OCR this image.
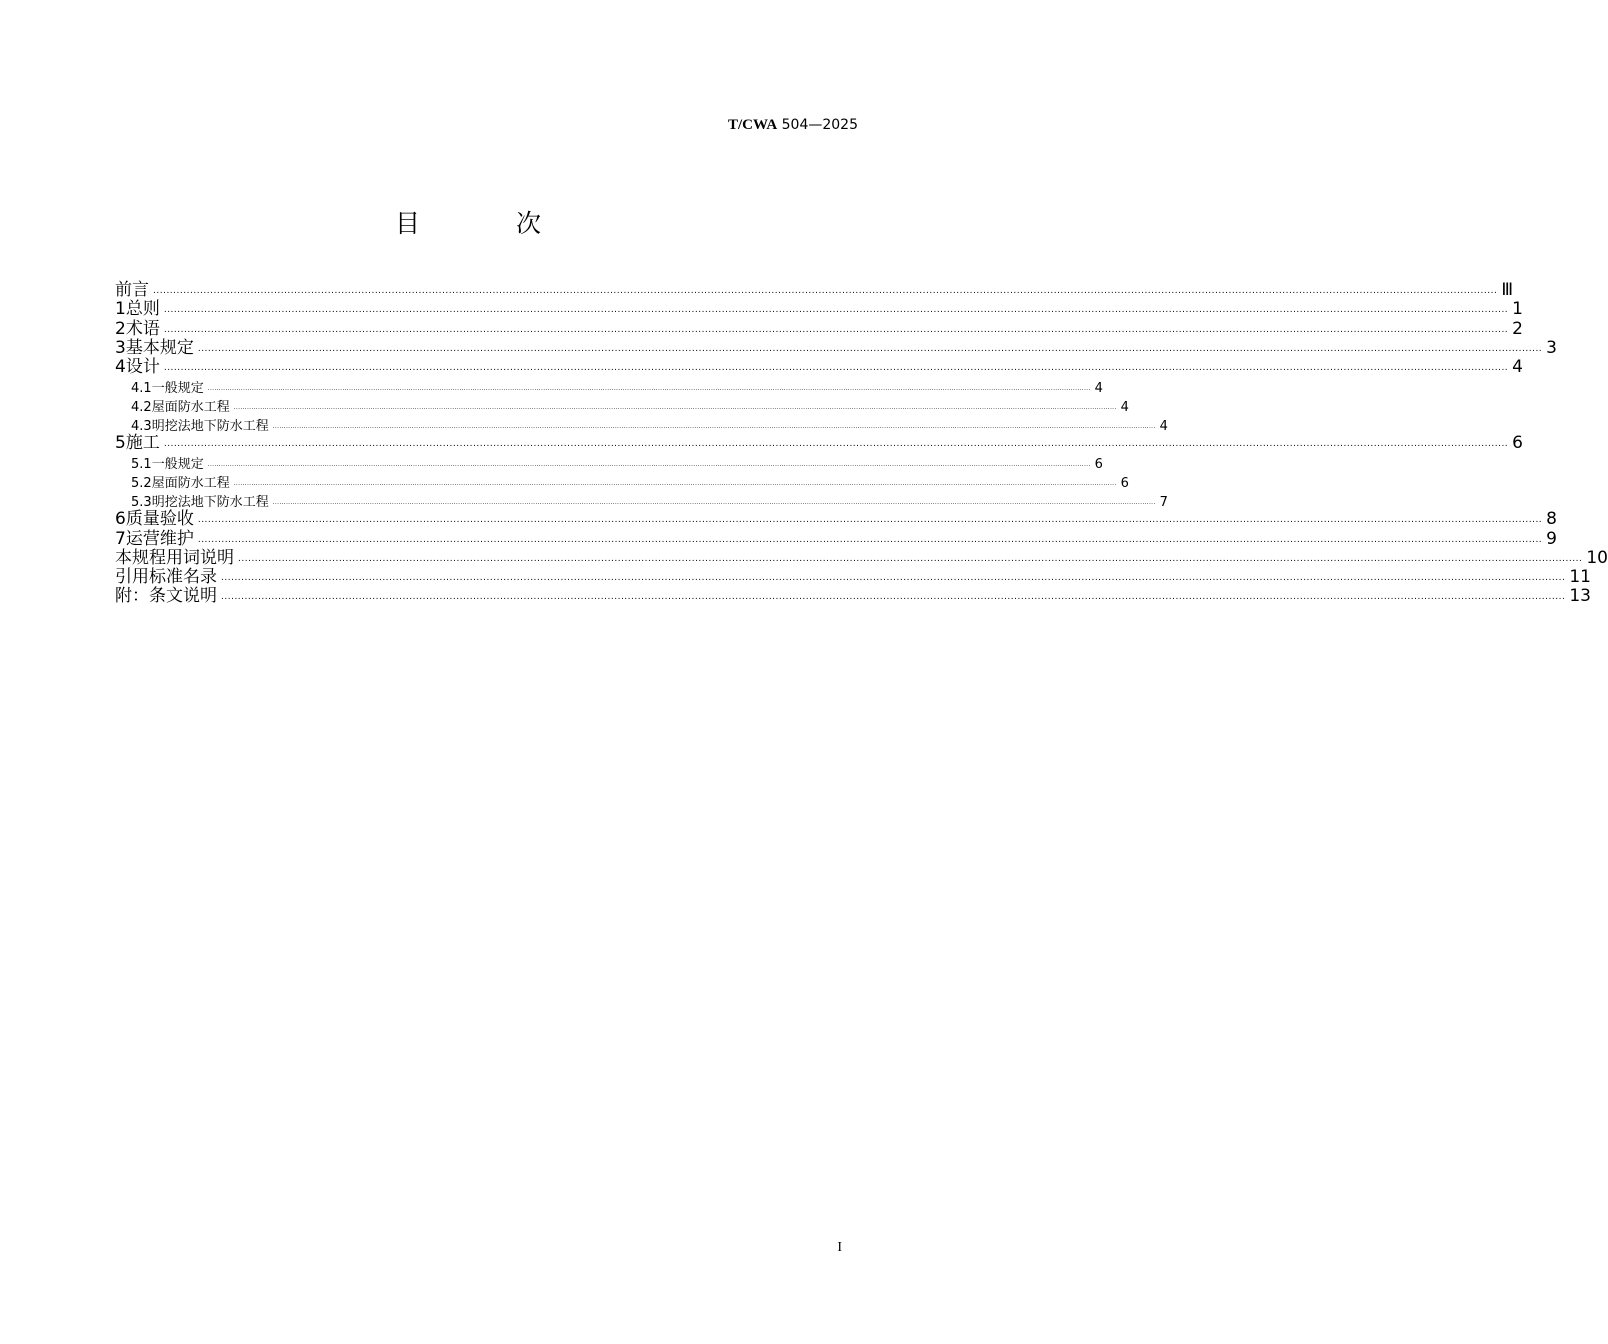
T/CWA 504—2025
目 次
前言 ................................................................................................................................................................................................................................................................................................................................................................................................................ Ⅲ
1 总则 ................................................................................................................................................................................................................................................................................................................................................................................................................ 1
2 术语 ................................................................................................................................................................................................................................................................................................................................................................................................................ 2
3 基本规定 ................................................................................................................................................................................................................................................................................................................................................................................................................ 3
4 设计 ................................................................................................................................................................................................................................................................................................................................................................................................................ 4
4.1 一般规定 ................................................................................................................................................................................................................................................................................................................................................................................................................ 4
4.2 屋面防水工程 ................................................................................................................................................................................................................................................................................................................................................................................................................ 4
4.3 明挖法地下防水工程 ................................................................................................................................................................................................................................................................................................................................................................................................................ 4
5 施工 ................................................................................................................................................................................................................................................................................................................................................................................................................ 6
5.1 一般规定 ................................................................................................................................................................................................................................................................................................................................................................................................................ 6
5.2 屋面防水工程 ................................................................................................................................................................................................................................................................................................................................................................................................................ 6
5.3 明挖法地下防水工程 ................................................................................................................................................................................................................................................................................................................................................................................................................ 7
6 质量验收 ................................................................................................................................................................................................................................................................................................................................................................................................................ 8
7 运营维护 ................................................................................................................................................................................................................................................................................................................................................................................................................ 9
本规程用词说明 ................................................................................................................................................................................................................................................................................................................................................................................................................ 10
引用标准名录 ................................................................................................................................................................................................................................................................................................................................................................................................................ 11
附：条文说明 ................................................................................................................................................................................................................................................................................................................................................................................................................ 13
I
